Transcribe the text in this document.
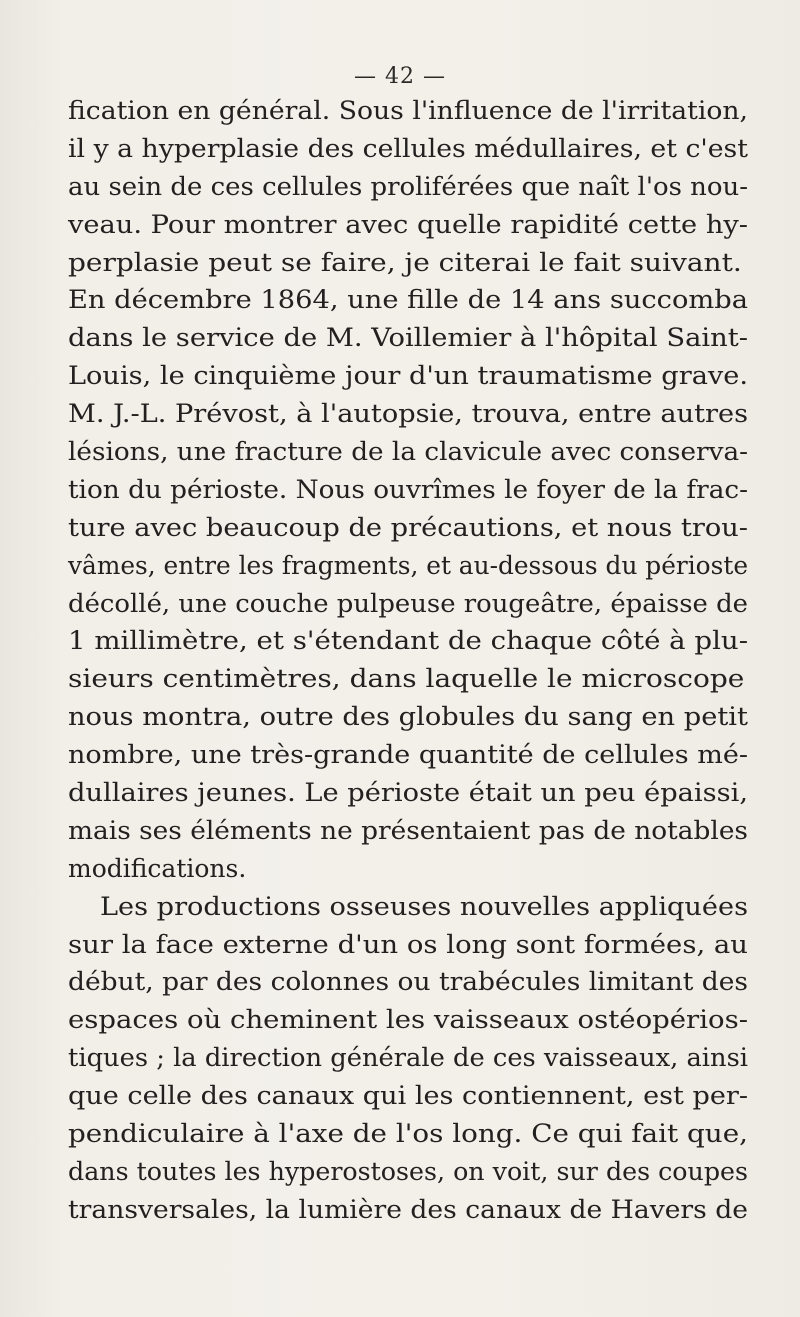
— 42 —
fication en général. Sous l'influence de l'irritation,
il y a hyperplasie des cellules médullaires, et c'est
au sein de ces cellules proliférées que naît l'os nou-
veau. Pour montrer avec quelle rapidité cette hy-
perplasie peut se faire, je citerai le fait suivant.
En décembre 1864, une fille de 14 ans succomba
dans le service de M. Voillemier à l'hôpital Saint-
Louis, le cinquième jour d'un traumatisme grave.
M. J.-L. Prévost, à l'autopsie, trouva, entre autres
lésions, une fracture de la clavicule avec conserva-
tion du périoste. Nous ouvrîmes le foyer de la frac-
ture avec beaucoup de précautions, et nous trou-
vâmes, entre les fragments, et au-dessous du périoste
décollé, une couche pulpeuse rougeâtre, épaisse de
1 millimètre, et s'étendant de chaque côté à plu-
sieurs centimètres, dans laquelle le microscope
nous montra, outre des globules du sang en petit
nombre, une très-grande quantité de cellules mé-
dullaires jeunes. Le périoste était un peu épaissi,
mais ses éléments ne présentaient pas de notables
modifications.
Les productions osseuses nouvelles appliquées
sur la face externe d'un os long sont formées, au
début, par des colonnes ou trabécules limitant des
espaces où cheminent les vaisseaux ostéopérios-
tiques ; la direction générale de ces vaisseaux, ainsi
que celle des canaux qui les contiennent, est per-
pendiculaire à l'axe de l'os long. Ce qui fait que,
dans toutes les hyperostoses, on voit, sur des coupes
transversales, la lumière des canaux de Havers de
